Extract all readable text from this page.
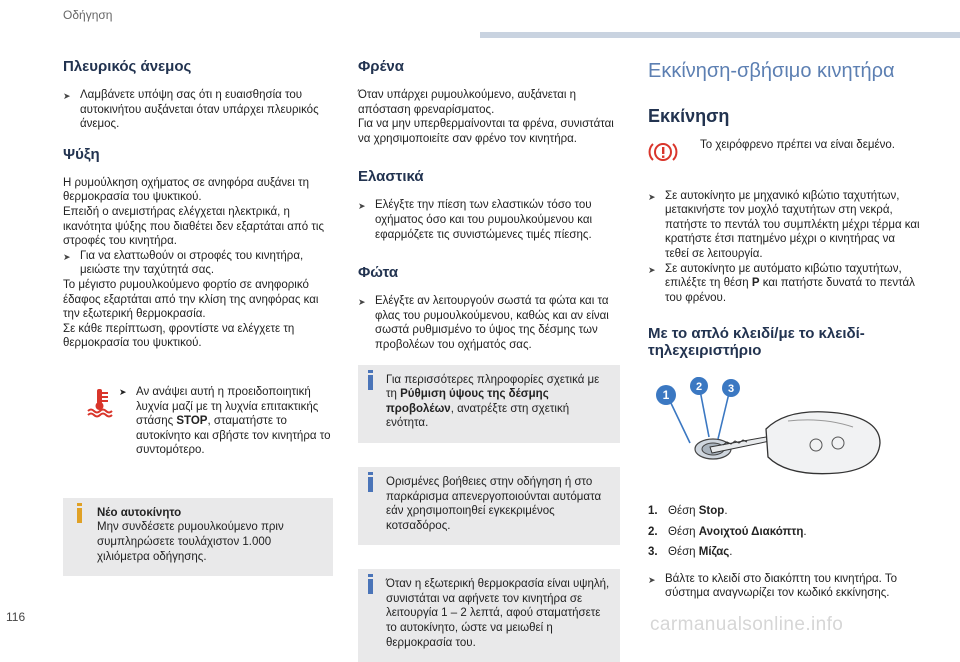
Οδήγηση
Πλευρικός άνεμος
➤ Λαμβάνετε υπόψη σας ότι η ευαισθησία του αυτοκινήτου αυξάνεται όταν υπάρχει πλευρικός άνεμος.
Ψύξη

Η ρυμούλκηση οχήματος σε ανηφόρα αυξάνει τη θερμοκρασία του ψυκτικού.

Επειδή ο ανεμιστήρας ελέγχεται ηλεκτρικά, η ικανότητα ψύξης που διαθέτει δεν εξαρτάται από τις στροφές του κινητήρα.

➤ Για να ελαττωθούν οι στροφές του κινητήρα, μειώστε την ταχύτητά σας.

Το μέγιστο ρυμουλκούμενο φορτίο σε ανηφορικό έδαφος εξαρτάται από την κλίση της ανηφόρας και την εξωτερική θερμοκρασία.

Σε κάθε περίπτωση, φροντίστε να ελέγχετε τη θερμοκρασία του ψυκτικού.

➤ Αν ανάψει αυτή η προειδοποιητική λυχνία μαζί με τη λυχνία επιτακτικής στάσης STOP, σταματήστε το αυτοκίνητο και σβήστε τον κινητήρα το συντομότερο.
Νέο αυτοκίνητο

Μην συνδέσετε ρυμουλκούμενο πριν συμπληρώσετε τουλάχιστον 1.000 χιλιόμετρα οδήγησης.

Φρένα

Όταν υπάρχει ρυμουλκούμενο, αυξάνεται η απόσταση φρεναρίσματος.

Για να μην υπερθερμαίνονται τα φρένα, συνιστάται να χρησιμοποιείτε σαν φρένο τον κινητήρα.

Ελαστικά
➤ Ελέγξτε την πίεση των ελαστικών τόσο του οχήματος όσο και του ρυμουλκούμενου και εφαρμόζετε τις συνιστώμενες τιμές πίεσης.
Φώτα
➤ Ελέγξτε αν λειτουργούν σωστά τα φώτα και τα φλας του ρυμουλκούμενου, καθώς και αν είναι σωστά ρυθμισμένο το ύψος της δέσμης των προβολέων του οχήματός σας.
Για περισσότερες πληροφορίες σχετικά με τη Ρύθμιση ύψους της δέσμης προβολέων, ανατρέξτε στη σχετική ενότητα.
Ορισμένες βοήθειες στην οδήγηση ή στο παρκάρισμα απενεργοποιούνται αυτόματα εάν χρησιμοποιηθεί εγκεκριμένος κοτσαδόρος.
Όταν η εξωτερική θερμοκρασία είναι υψηλή, συνιστάται να αφήνετε τον κινητήρα σε λειτουργία 1 – 2 λεπτά, αφού σταματήσετε το αυτοκίνητο, ώστε να μειωθεί η θερμοκρασία του.
Εκκίνηση-σβήσιμο κινητήρα
Εκκίνηση
Το χειρόφρενο πρέπει να είναι δεμένο.
➤ Σε αυτοκίνητο με μηχανικό κιβώτιο ταχυτήτων, μετακινήστε τον μοχλό ταχυτήτων στη νεκρά, πατήστε το πεντάλ του συμπλέκτη μέχρι τέρμα και κρατήστε έτσι πατημένο μέχρι ο κινητήρας να τεθεί σε λειτουργία.
➤ Σε αυτοκίνητο με αυτόματο κιβώτιο ταχυτήτων, επιλέξτε τη θέση P και πατήστε δυνατά το πεντάλ του φρένου.
Με το απλό κλειδί/με το κλειδί-τηλεχειριστήριο
1
2 3
1. Θέση Stop.
2. Θέση Ανοιχτού Διακόπτη.
3. Θέση Μίζας.
➤ Βάλτε το κλειδί στο διακόπτη του κινητήρα. Το σύστημα αναγνωρίζει τον κωδικό εκκίνησης.
116	carmanualsonline.info
